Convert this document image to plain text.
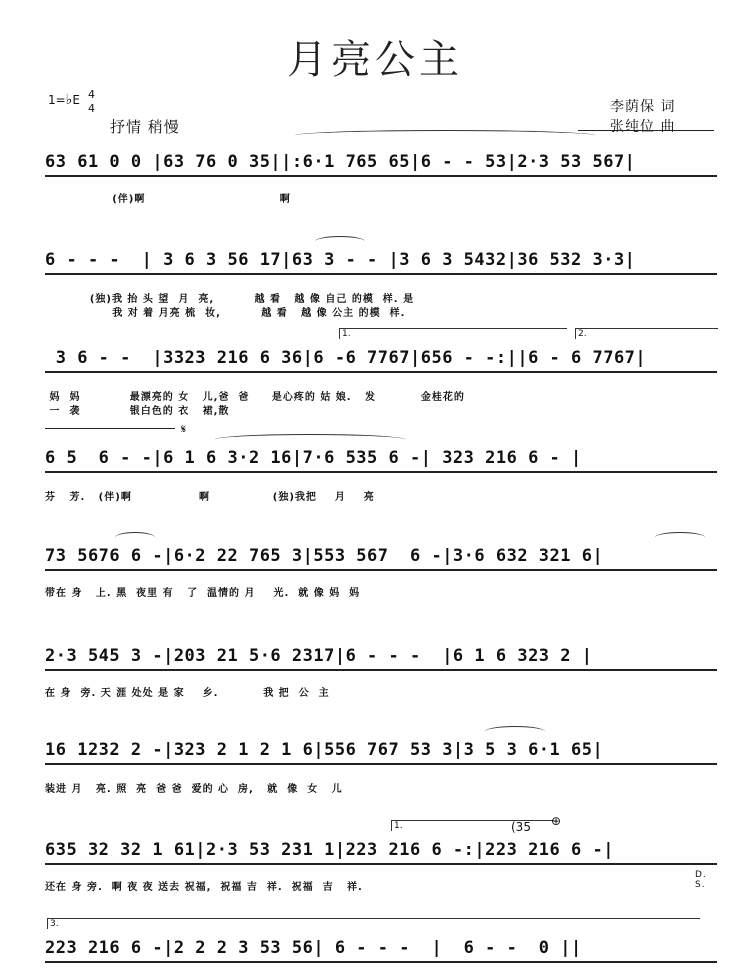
月亮公主
1=♭E 4
4
抒情 稍慢
李荫保 词
张纯位 曲
63 61 0 0 |63 76 0 35||:6·1 765 65|6 - - 53|2·3 53 567|
(伴)啊                              啊
6 - - -  | 3 6 3 56 17|63 3 - - |3 6 3 5432|36 532 3·3|
(独)我 抬 头 望  月  亮,         越 看   越 像 自己 的模  样. 是
我 对 着 月亮 梳  妆,         越 看   越 像 公主 的模  样.
1.	2.
3 6 - -  |3323 216 6 36|6 -6 7767|656 - -:||6 - 6 7767|
妈  妈           最漂亮的 女   儿,爸  爸     是心疼的 姑 娘.   发          金桂花的
一  袭           银白色的 衣   裙,散
𝄋
6 5  6 - -|6 1 6 3·2 16|7·6 535 6 -| 323 216 6 - |
芬   芳.   (伴)啊               啊              (独)我把    月    亮
73 5676 6 -|6·2 22 765 3|553 567  6 -|3·6 632 321 6|
带在 身   上. 黑  夜里 有   了  温情的 月    光.  就 像 妈  妈
2·3 545 3 -|203 21 5·6 2317|6 - - -  |6 1 6 323 2 |
在 身  旁. 天 涯 处处 是 家    乡.          我 把  公  主
16 1232 2 -|323 2 1 2 1 6|556 767 53 3|3 5 3 6·1 65|
装进 月   亮. 照  亮  爸 爸  爱的 心  房,   就  像  女   儿
1.	(35 ⊕
635 32 32 1 61|2·3 53 231 1|223 216 6 -:|223 216 6 -|
还在 身 旁.  啊 夜 夜 送去 祝福,  祝福 吉  祥.  祝福  吉   祥.
D. S.
3.
223 216 6 -|2 2 2 3 53 56| 6 - - -  |  6 - -  0 ||
